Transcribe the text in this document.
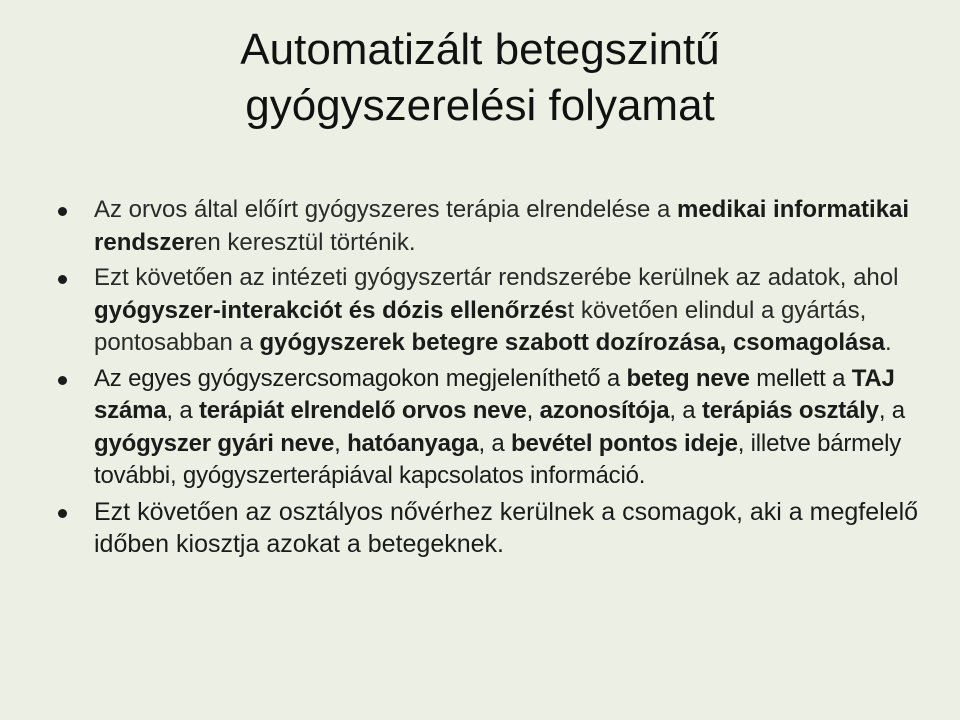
Automatizált betegszintű
gyógyszerelési folyamat
Az orvos által előírt gyógyszeres terápia elrendelése a medikai informatikai rendszeren keresztül történik.
Ezt követően az intézeti gyógyszertár rendszerébe kerülnek az adatok, ahol gyógyszer-interakciót és dózis ellenőrzést követően elindul a gyártás, pontosabban a gyógyszerek betegre szabott dozírozása, csomagolása.
Az egyes gyógyszercsomagokon megjeleníthető a beteg neve mellett a TAJ száma, a terápiát elrendelő orvos neve, azonosítója, a terápiás osztály, a gyógyszer gyári neve, hatóanyaga, a bevétel pontos ideje, illetve bármely további, gyógyszerterápiával kapcsolatos információ.
Ezt követően az osztályos nővérhez kerülnek a csomagok, aki a megfelelő időben kiosztja azokat a betegeknek.
